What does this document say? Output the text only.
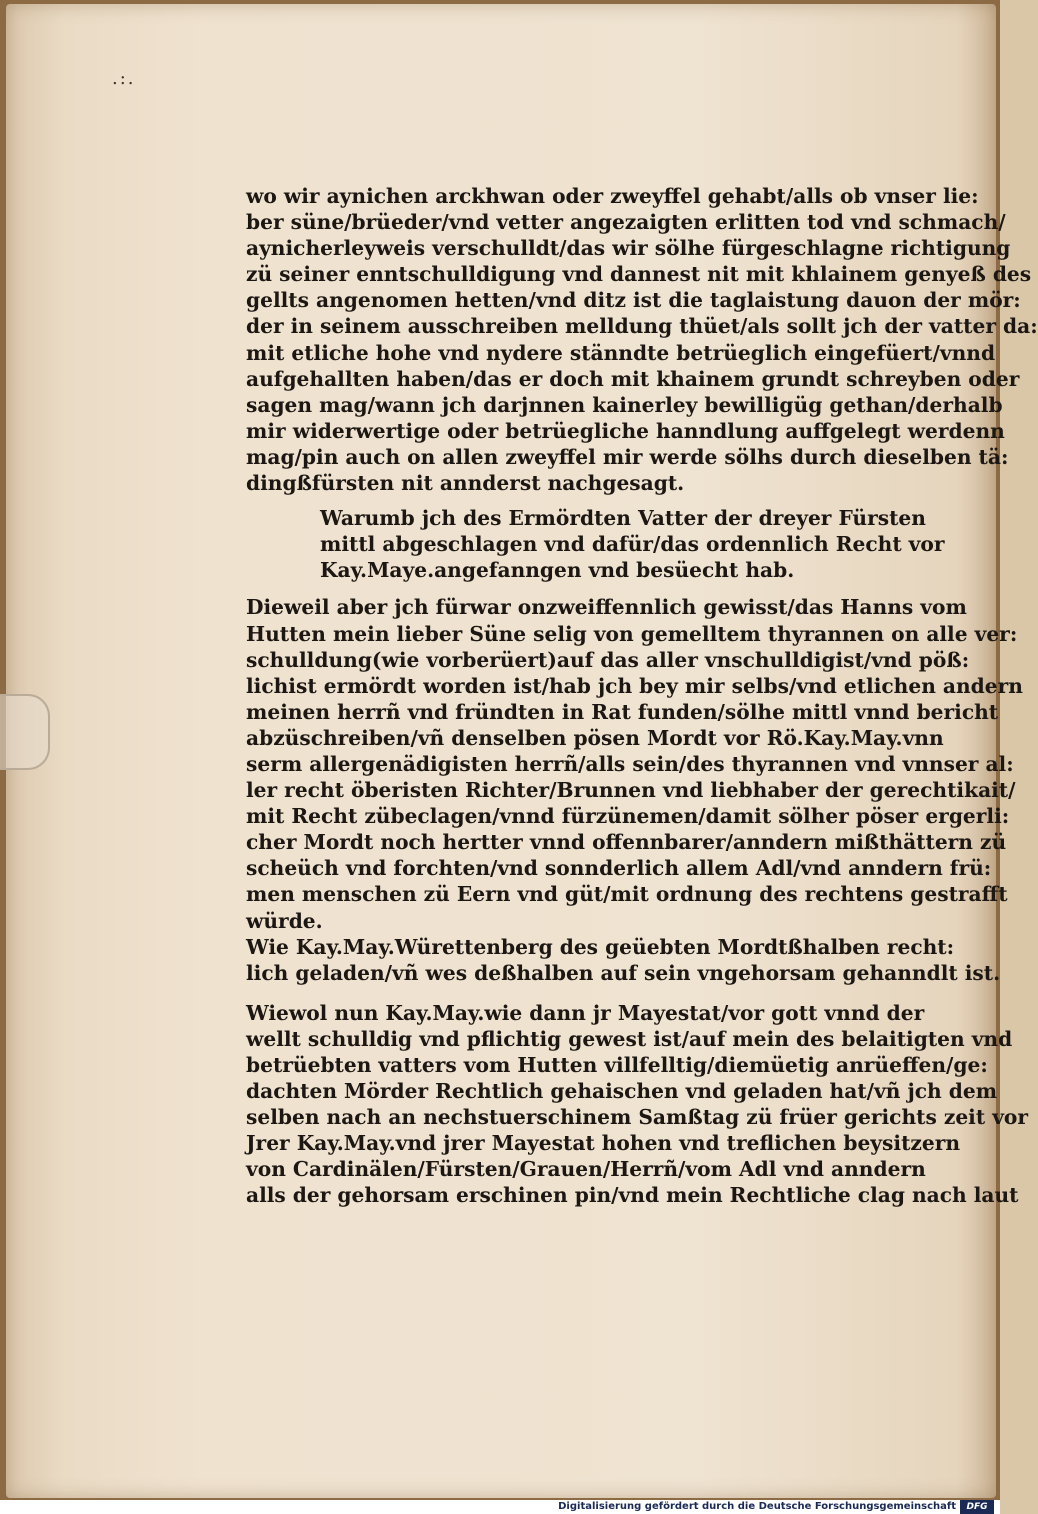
.:.
wo wir aynichen arckhwan oder zweyffel gehabt/alls ob vnser lie:
ber süne/brüeder/vnd vetter angezaigten erlitten tod vnd schmach/
aynicherleyweis verschulldt/das wir sölhe fürgeschlagne richtigung
zü seiner enntschulldigung vnd dannest nit mit khlainem genyeß des
gellts angenomen hetten/vnd ditz ist die taglaistung dauon der mör:
der in seinem ausschreiben melldung thüet/als sollt jch der vatter da:
mit etliche hohe vnd nydere stänndte betrüeglich eingefüert/vnnd
aufgehallten haben/das er doch mit khainem grundt schreyben oder
sagen mag/wann jch darjnnen kainerley bewilligüg gethan/derhalb
mir widerwertige oder betrüegliche hanndlung auffgelegt werdenn
mag/pin auch on allen zweyffel mir werde sölhs durch dieselben tä:
dingßfürsten nit annderst nachgesagt.
Warumb jch des Ermördten Vatter der dreyer Fürsten
mittl abgeschlagen vnd dafür/das ordennlich Recht vor
Kay.Maye.angefanngen vnd besüecht hab.
Dieweil aber jch fürwar onzweiffennlich gewisst/das Hanns vom
Hutten mein lieber Süne selig von gemelltem thyrannen on alle ver:
schulldung(wie vorberüert)auf das aller vnschulldigist/vnd pöß:
lichist ermördt worden ist/hab jch bey mir selbs/vnd etlichen andern
meinen herrñ vnd fründten in Rat funden/sölhe mittl vnnd bericht
abzüschreiben/vñ denselben pösen Mordt vor Rö.Kay.May.vnn
serm allergenädigisten herrñ/alls sein/des thyrannen vnd vnnser al:
ler recht öberisten Richter/Brunnen vnd liebhaber der gerechtikait/
mit Recht zübeclagen/vnnd fürzünemen/damit sölher pöser ergerli:
cher Mordt noch hertter vnnd offennbarer/anndern mißthättern zü
scheüch vnd forchten/vnd sonnderlich allem Adl/vnd anndern frü:
men menschen zü Eern vnd güt/mit ordnung des rechtens gestrafft
würde.
Wie Kay.May.Würettenberg des geüebten Mordtßhalben recht:
lich geladen/vñ wes deßhalben auf sein vngehorsam gehanndlt ist.
Wiewol nun Kay.May.wie dann jr Mayestat/vor gott vnnd der
wellt schulldig vnd pflichtig gewest ist/auf mein des belaitigten vnd
betrüebten vatters vom Hutten villfelltig/diemüetig anrüeffen/ge:
dachten Mörder Rechtlich gehaischen vnd geladen hat/vñ jch dem
selben nach an nechstuerschinem Samßtag zü früer gerichts zeit vor
Jrer Kay.May.vnd jrer Mayestat hohen vnd treflichen beysitzern
von Cardinälen/Fürsten/Grauen/Herrñ/vom Adl vnd anndern
alls der gehorsam erschinen pin/vnd mein Rechtliche clag nach laut
Digitalisierung gefördert durch die Deutsche Forschungsgemeinschaft	DFG
